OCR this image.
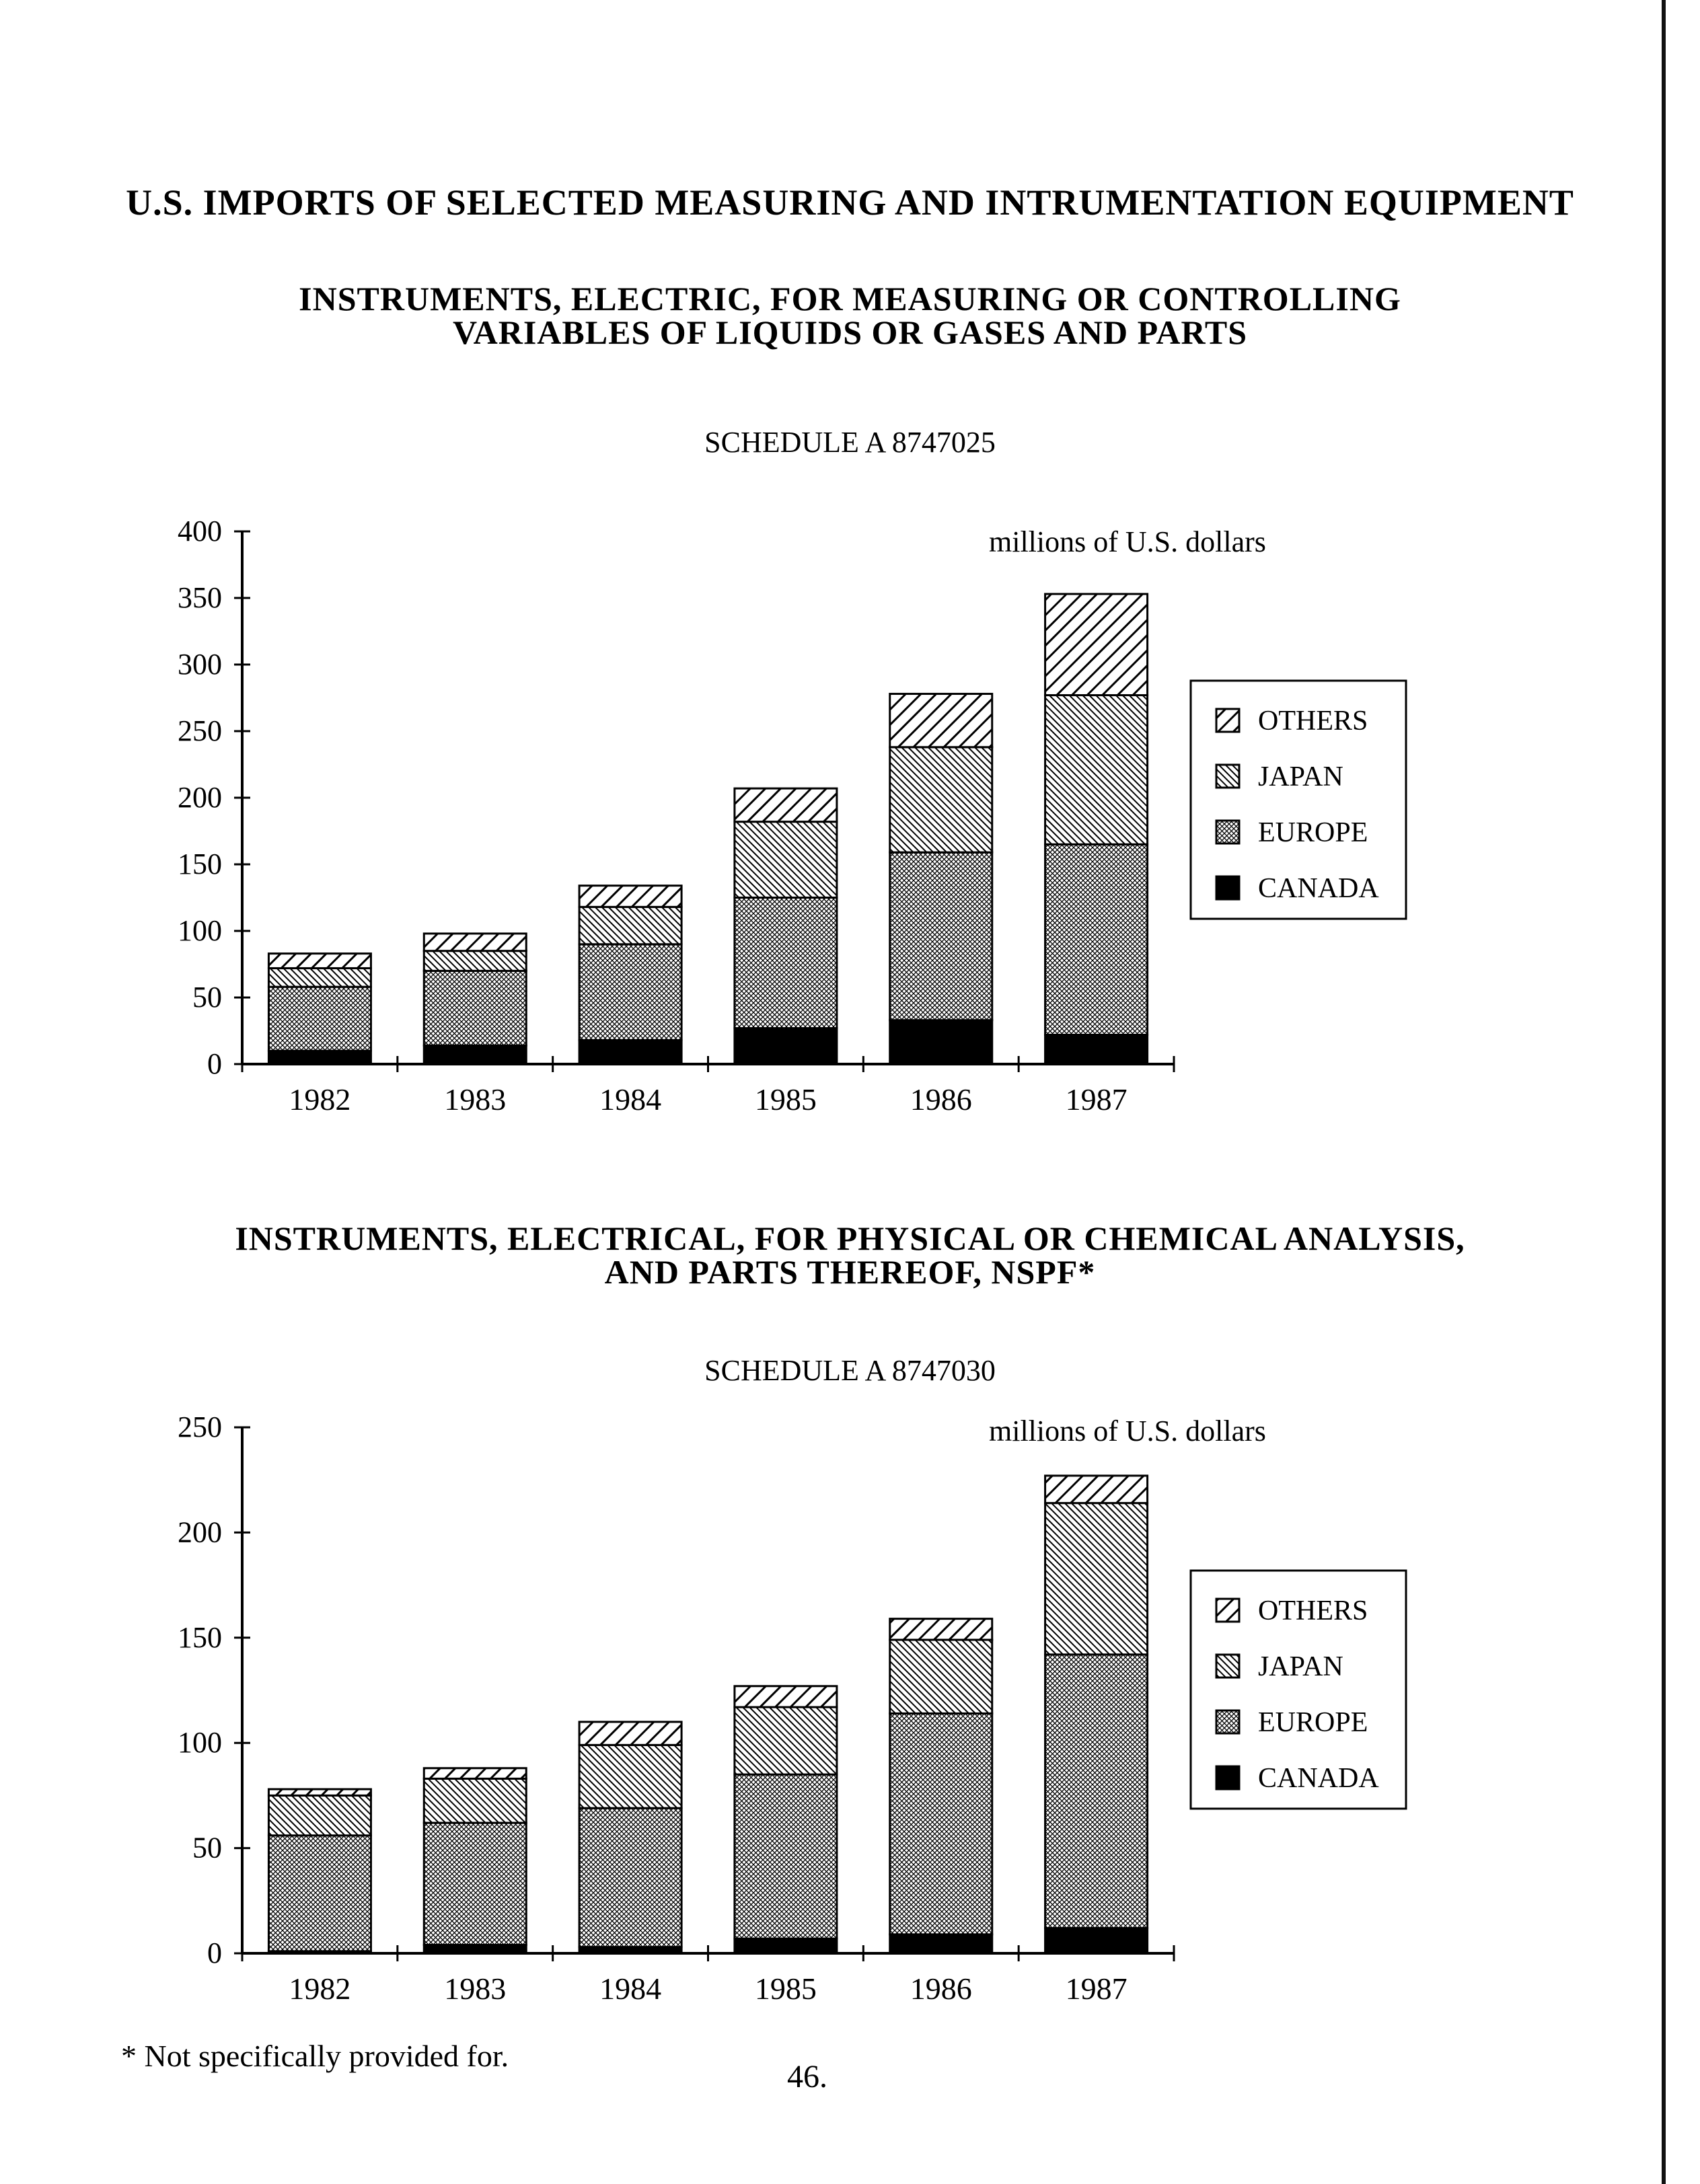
U.S. IMPORTS OF SELECTED MEASURING AND INTRUMENTATION EQUIPMENT
INSTRUMENTS, ELECTRIC, FOR MEASURING OR CONTROLLING
VARIABLES OF LIQUIDS OR GASES AND PARTS
SCHEDULE A 8747025
INSTRUMENTS, ELECTRICAL, FOR PHYSICAL OR CHEMICAL ANALYSIS,
AND PARTS THEREOF, NSPF*
SCHEDULE A 8747030
0
50
100
150
200
250
300
350
400
1982	1983	1984	1985	1986	1987
millions of U.S. dollars
OTHERS
JAPAN
EUROPE
CANADA
0
50
100
150
200
250
1982	1983	1984	1985	1986	1987
millions of U.S. dollars
OTHERS
JAPAN
EUROPE
CANADA
* Not specifically provided for.
46.
